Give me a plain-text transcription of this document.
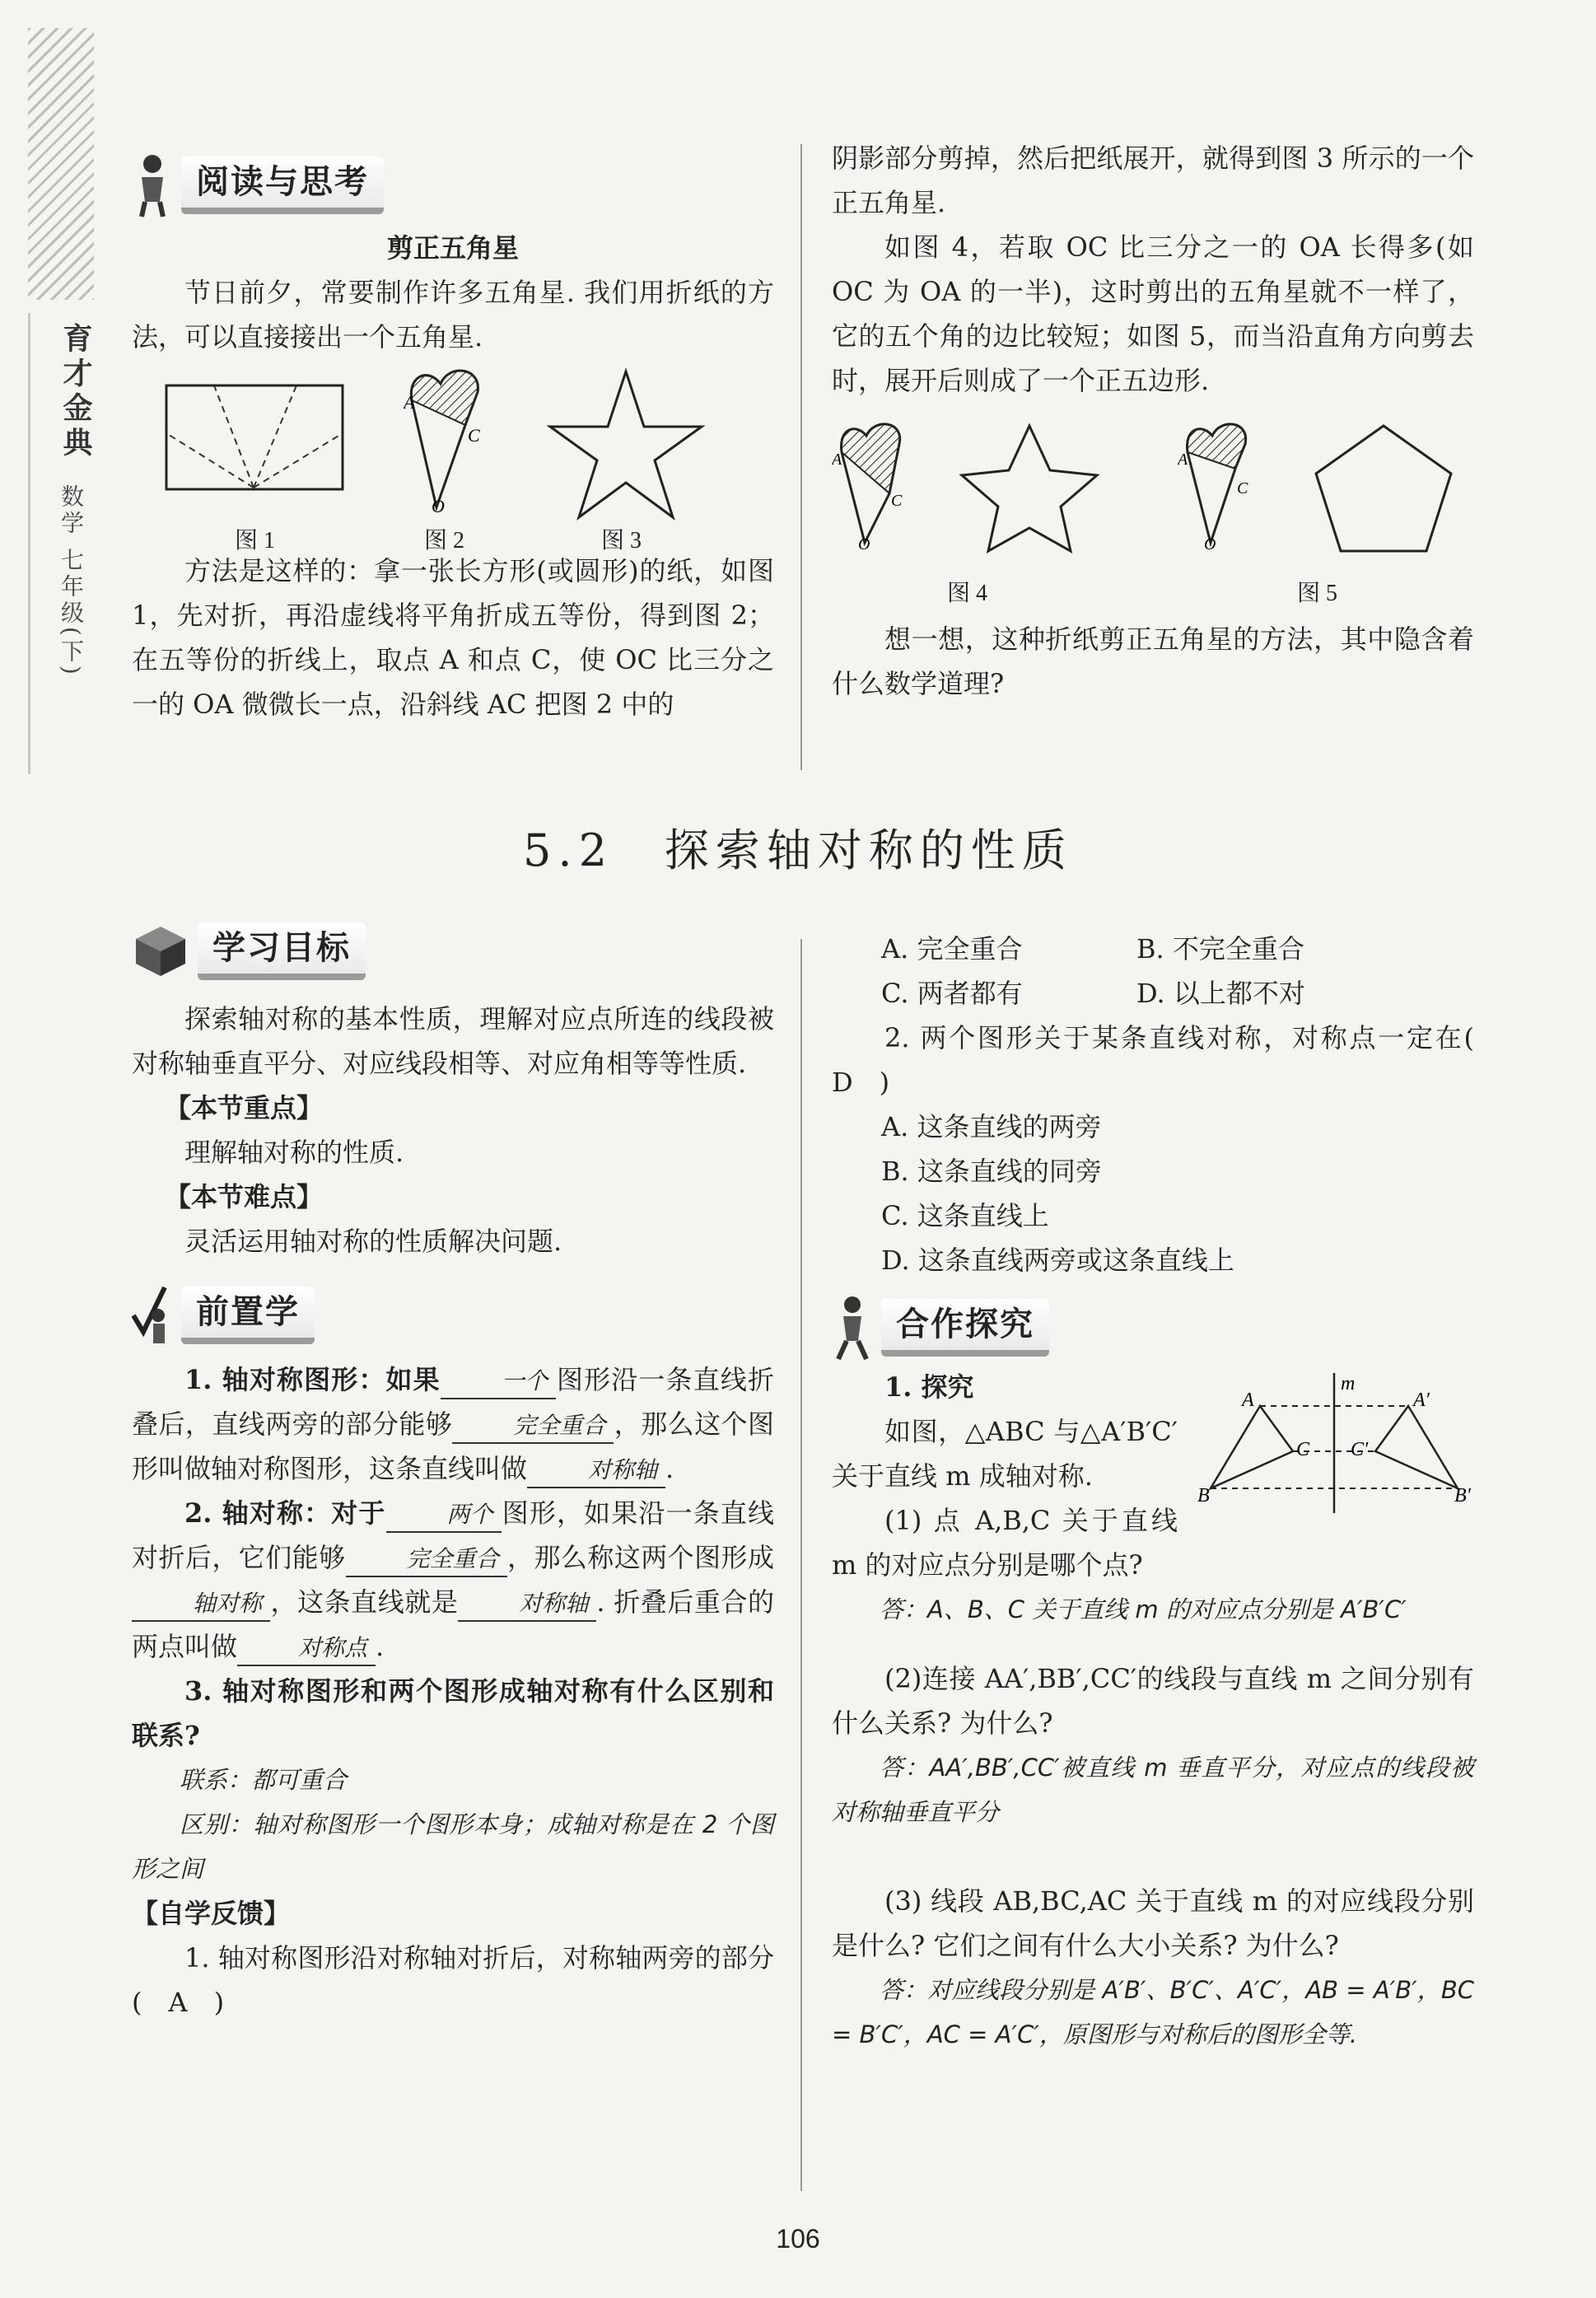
育才金典
数学 七年级(下)
阅读与思考

剪正五角星

节日前夕，常要制作许多五角星. 我们用折纸的方法，可以直接接出一个五角星.

A
C
O
图 1	图 2	图 3

方法是这样的：拿一张长方形(或圆形)的纸，如图 1，先对折，再沿虚线将平角折成五等份，得到图 2；在五等份的折线上，取点 A 和点 C，使 OC 比三分之一的 OA 微微长一点，沿斜线 AC 把图 2 中的

阴影部分剪掉，然后把纸展开，就得到图 3 所示的一个正五角星.

如图 4，若取 OC 比三分之一的 OA 长得多(如 OC 为 OA 的一半)，这时剪出的五角星就不一样了，它的五个角的边比较短；如图 5，而当沿直角方向剪去时，展开后则成了一个正五边形.

A
C
O
A
C
O
图 4	图 5

想一想，这种折纸剪正五角星的方法，其中隐含着什么数学道理?

5.2　探索轴对称的性质
学习目标

探索轴对称的基本性质，理解对应点所连的线段被对称轴垂直平分、对应线段相等、对应角相等等性质.

【本节重点】

理解轴对称的性质.

【本节难点】

灵活运用轴对称的性质解决问题.

前置学

1. 轴对称图形：如果	一个 图形沿一条直线折叠后，直线两旁的部分能够	完全重合 ，那么这个图形叫做轴对称图形，这条直线叫做	对称轴 .

2. 轴对称：对于	两个 图形，如果沿一条直线对折后，它们能够	完全重合 ，那么称这两个图形成轴对称 ，这条直线就是	对称轴 . 折叠后重合的两点叫做	对称点 .

3. 轴对称图形和两个图形成轴对称有什么区别和联系?

联系：都可重合

区别：轴对称图形一个图形本身；成轴对称是在 2 个图形之间

【自学反馈】

1. 轴对称图形沿对称轴对折后，对称轴两旁的部分(　A　)

A. 完全重合	B. 不完全重合
C. 两者都有	D. 以上都不对

2. 两个图形关于某条直线对称，对称点一定在(　D　)

A. 这条直线的两旁

B. 这条直线的同旁

C. 这条直线上

D. 这条直线两旁或这条直线上

合作探究
A
B
C
A′
B′
C′
m

1. 探究

如图，△ABC 与△A′B′C′关于直线 m 成轴对称.

(1) 点 A,B,C 关于直线 m 的对应点分别是哪个点?

答：A、B、C 关于直线 m 的对应点分别是 A′B′C′

(2)连接 AA′,BB′,CC′的线段与直线 m 之间分别有什么关系? 为什么?

答：AA′,BB′,CC′被直线 m 垂直平分，对应点的线段被对称轴垂直平分

(3) 线段 AB,BC,AC 关于直线 m 的对应线段分别是什么? 它们之间有什么大小关系? 为什么?

答：对应线段分别是 A′B′、B′C′、A′C′，AB = A′B′，BC = B′C′，AC = A′C′，原图形与对称后的图形全等.

106
